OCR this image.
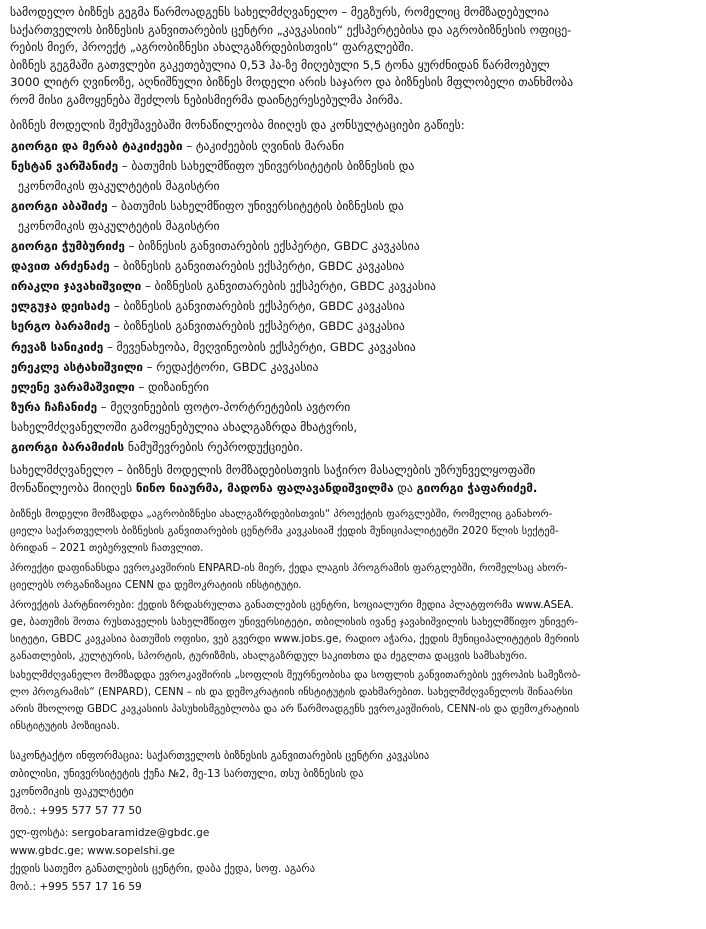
სამოდელო ბიზნეს გეგმა წარმოადგენს სახელმძღვანელო – მეგზურს, რომელიც მომზადებულია
საქართველოს ბიზნესის განვითარების ცენტრი „კავკასიის“ ექსპერტებისა და აგრობიზნესის ოფიცე-
რების მიერ, პროექტ „აგრობიზნესი ახალგაზრდებისთვის“ ფარგლებში.
ბიზნეს გეგმაში გათვლები გაკეთებულია 0,53 ჰა-ზე მიღებული 5,5 ტონა ყურძნიდან წარმოებულ
3000 ლიტრ ღვინოზე, აღნიშნული ბიზნეს მოდელი არის საჯარო და ბიზნესის მფლობელი თანხმობა
რომ მისი გამოყენება შეძლოს ნებისმიერმა დაინტერესებულმა პირმა.

ბიზნეს მოდელის შემუშავებაში მონაწილეობა მიიღეს და კონსულტაციები გაწიეს:

გიორგი და მერაბ ტაკიძეები – ტაკიძეების ღვინის მარანი

ნესტან ვარშანიძე – ბათუმის სახელმწიფო უნივერსიტეტის ბიზნესის და
ეკონომიკის ფაკულტეტის მაგისტრი

გიორგი აბაშიძე – ბათუმის სახელმწიფო უნივერსიტეტის ბიზნესის და
ეკონომიკის ფაკულტეტის მაგისტრი

გიორგი ჭუმბურიძე – ბიზნესის განვითარების ექსპერტი, GBDC კავკასია

დავით არძენაძე – ბიზნესის განვითარების ექსპერტი, GBDC კავკასია

ირაკლი ჯავახიშვილი – ბიზნესის განვითარების ექსპერტი, GBDC კავკასია

ელგუჯა დეისაძე – ბიზნესის განვითარების ექსპერტი, GBDC კავკასია

სერგო ბარამიძე – ბიზნესის განვითარების ექსპერტი, GBDC კავკასია

რევაზ სანიკიძე – მევენახეობა, მეღვინეობის ექსპერტი, GBDC კავკასია

ერეკლე ასტახიშვილი – რედაქტორი, GBDC კავკასია

ელენე ვარამაშვილი – დიზაინერი

ზურა ჩაჩანიძე – მეღვინეების ფოტო-პორტრეტების ავტორი

სახელმძღვანელოში გამოყენებულია ახალგაზრდა მხატვრის,

გიორგი ბარამიძის ნამუშევრების რეპროდუქციები.

სახელმძღვანელო – ბიზნეს მოდელის მომზადებისთვის საჭირო მასალების უზრუნველყოფაში
მონაწილეობა მიიღეს ნინო ნიაურმა, მადონა ფალავანდიშვილმა და გიორგი ჭაფარიძემ.

ბიზნეს მოდელი მომზადდა „აგრობიზნესი ახალგაზრდებისთვის“ პროექტის ფარგლებში, რომელიც განახორ-
ციელა საქართველოს ბიზნესის განვითარების ცენტრმა კავკასიამ ქედის მუნიციპალიტეტში 2020 წლის სექტემ-
ბრიდან – 2021 თებერვლის ჩათვლით.

პროექტი დაფინანსდა ევროკავშირის ENPARD-ის მიერ, ქედა ლაგის პროგრამის ფარგლებში, რომელსაც ახორ-
ციელებს ორგანიზაცია CENN და დემოკრატიის ინსტიტუტი.

პროექტის პარტნიორები: ქედის ზრდასრულთა განათლების ცენტრი, სოციალური მედია პლატფორმა www.ASEA.
ge, ბათუმის შოთა რუსთაველის სახელმწიფო უნივერსიტეტი, თბილისის ივანე ჯავახიშვილის სახელმწიფო უნივერ-
სიტეტი, GBDC კავკასია ბათუმის ოფისი, ვებ გვერდი www.jobs.ge, რადიო აჭარა, ქედის მუნიციპალიტეტის მერიის
განათლების, კულტურის, სპორტის, ტურიზმის, ახალგაზრდულ საკითხთა და ძეგლთა დაცვის სამსახური.

სახელმძღვანელო მომზადდა ევროკავშირის „სოფლის მეურნეობისა და სოფლის განვითარების ევროპის სამეზობ-
ლო პროგრამის“ (ENPARD), CENN – ის და დემოკრატიის ინსტიტუტის დახმარებით. სახელმძღვანელოს შინაარსი
არის მხოლოდ GBDC კავკასიის პასუხისმგებლობა და არ წარმოადგენს ევროკავშირის, CENN-ის და დემოკრატიის
ინსტიტუტის პოზიციას.

საკონტაქტო ინფორმაცია: საქართველოს ბიზნესის განვითარების ცენტრი კავკასია
თბილისი, უნივერსიტეტის ქუჩა №2, მე-13 სართული, თსუ ბიზნესის და
ეკონომიკის ფაკულტეტი
მობ.: +995 577 57 77 50

ელ-ფოსტა: sergobaramidze@gbdc.ge
www.gbdc.ge; www.sopelshi.ge
ქედის სათემო განათლების ცენტრი, დაბა ქედა, სოფ. აგარა
მობ.: +995 557 17 16 59
